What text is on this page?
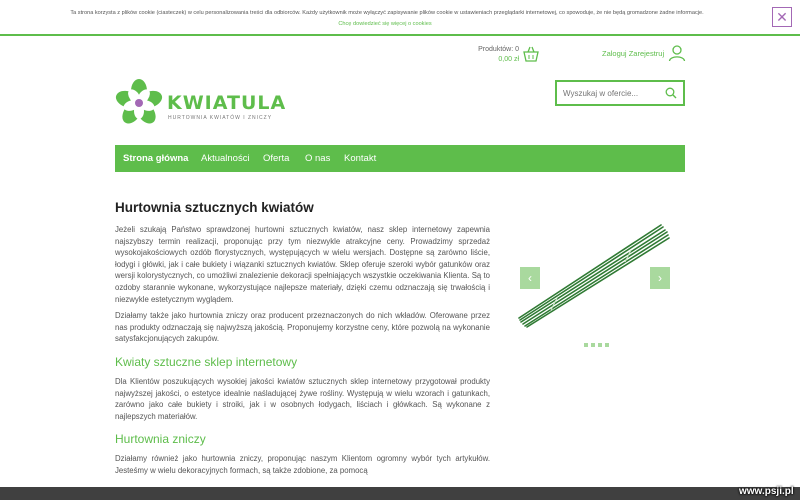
Ta strona korzysta z plików cookie (ciasteczek) w celu personalizowania treści dla odbiorców. Każdy użytkownik może wyłączyć zapisywanie plików cookie w ustawieniach przeglądarki internetowej, co spowoduje, że nie będą gromadzone żadne informacje.
Chcę dowiedzieć się więcej o cookies	✕
Produktów: 0
0,00 zł
Zaloguj Zarejestruj
KWIATULA
HURTOWNIA KWIATÓW I ZNICZY
Wyszukaj w ofercie...
Strona główna Aktualności Oferta O nas Kontakt
Hurtownia sztucznych kwiatów

Jeżeli szukają Państwo sprawdzonej hurtowni sztucznych kwiatów, nasz sklep internetowy zapewnia najszybszy termin realizacji, proponując przy tym niezwykle atrakcyjne ceny. Prowadzimy sprzedaż wysokojakościowych ozdób florystycznych, występujących w wielu wersjach. Dostępne są zarówno liście, łodygi i główki, jak i całe bukiety i wiązanki sztucznych kwiatów. Sklep oferuje szeroki wybór gatunków oraz wersji kolorystycznych, co umożliwi znalezienie dekoracji spełniających wszystkie oczekiwania Klienta. Są to ozdoby starannie wykonane, wykorzystujące najlepsze materiały, dzięki czemu odznaczają się trwałością i niezwykle estetycznym wyglądem.

Działamy także jako hurtownia zniczy oraz producent przeznaczonych do nich wkładów. Oferowane przez nas produkty odznaczają się najwyższą jakością. Proponujemy korzystne ceny, które pozwolą na wykonanie satysfakcjonujących zakupów.

Kwiaty sztuczne sklep internetowy

Dla Klientów poszukujących wysokiej jakości kwiatów sztucznych sklep internetowy przygotował produkty najwyższej jakości, o estetyce idealnie naśladującej żywe rośliny. Występują w wielu wzorach i gatunkach, zarówno jako całe bukiety i stroiki, jak i w osobnych łodygach, liściach i główkach. Są wykonane z najlepszych materiałów.

Hurtownia zniczy

Działamy również jako hurtownia zniczy, proponując naszym Klientom ogromny wybór tych artykułów. Jesteśmy w wielu dekoracyjnych formach, są także zdobione, za pomocą

‹	›
www.psji.pl
